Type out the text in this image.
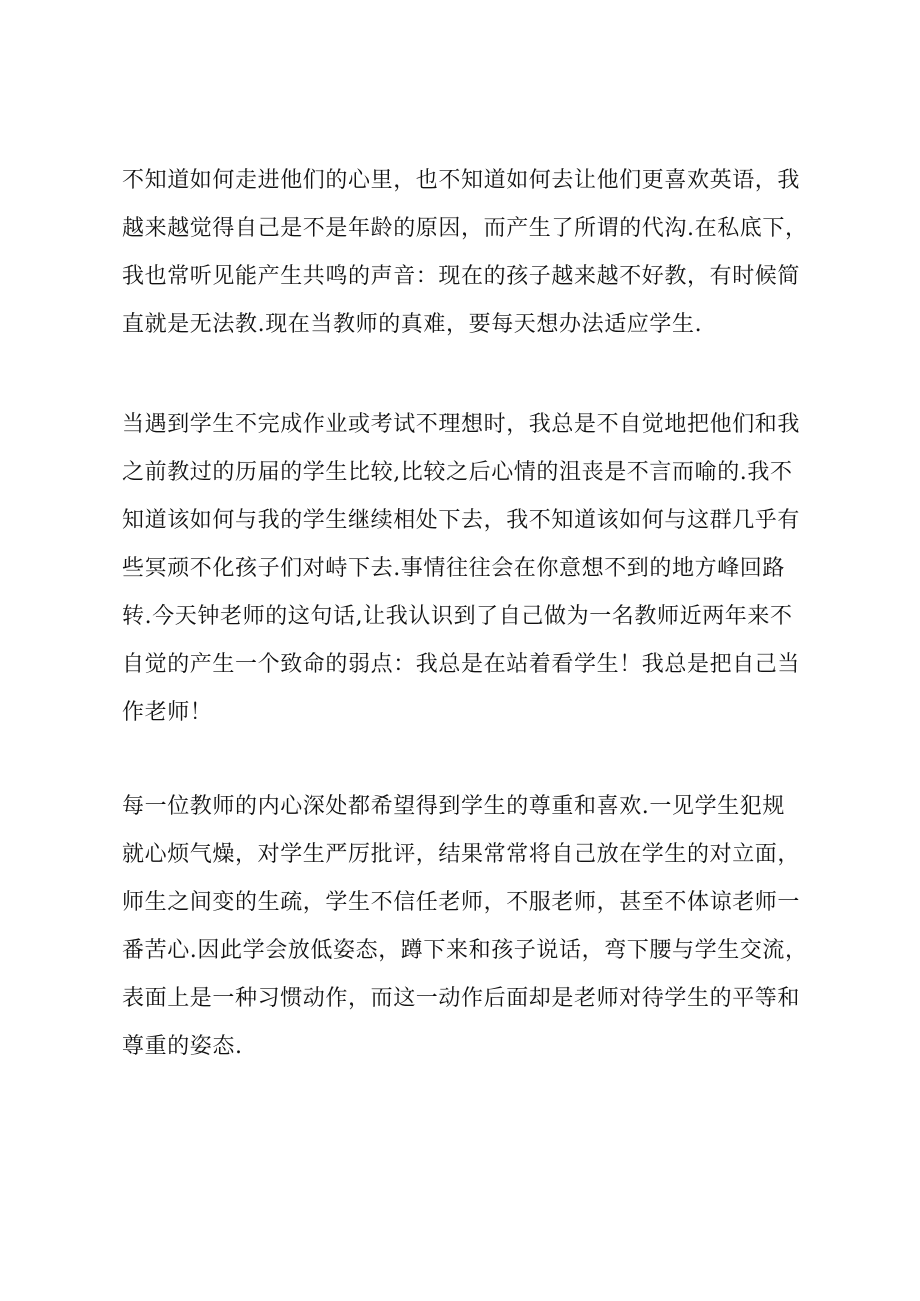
不知道如何走进他们的心里，也不知道如何去让他们更喜欢英语，我
越来越觉得自己是不是年龄的原因，而产生了所谓的代沟.在私底下，
我也常听见能产生共鸣的声音：现在的孩子越来越不好教，有时候简
直就是无法教.现在当教师的真难，要每天想办法适应学生.
当遇到学生不完成作业或考试不理想时，我总是不自觉地把他们和我
之前教过的历届的学生比较,比较之后心情的沮丧是不言而喻的.我不
知道该如何与我的学生继续相处下去，我不知道该如何与这群几乎有
些冥顽不化孩子们对峙下去.事情往往会在你意想不到的地方峰回路
转.今天钟老师的这句话,让我认识到了自己做为一名教师近两年来不
自觉的产生一个致命的弱点：我总是在站着看学生！我总是把自己当
作老师！
每一位教师的内心深处都希望得到学生的尊重和喜欢.一见学生犯规
就心烦气燥，对学生严厉批评，结果常常将自己放在学生的对立面，
师生之间变的生疏，学生不信任老师，不服老师，甚至不体谅老师一
番苦心.因此学会放低姿态，蹲下来和孩子说话，弯下腰与学生交流，
表面上是一种习惯动作，而这一动作后面却是老师对待学生的平等和
尊重的姿态.
